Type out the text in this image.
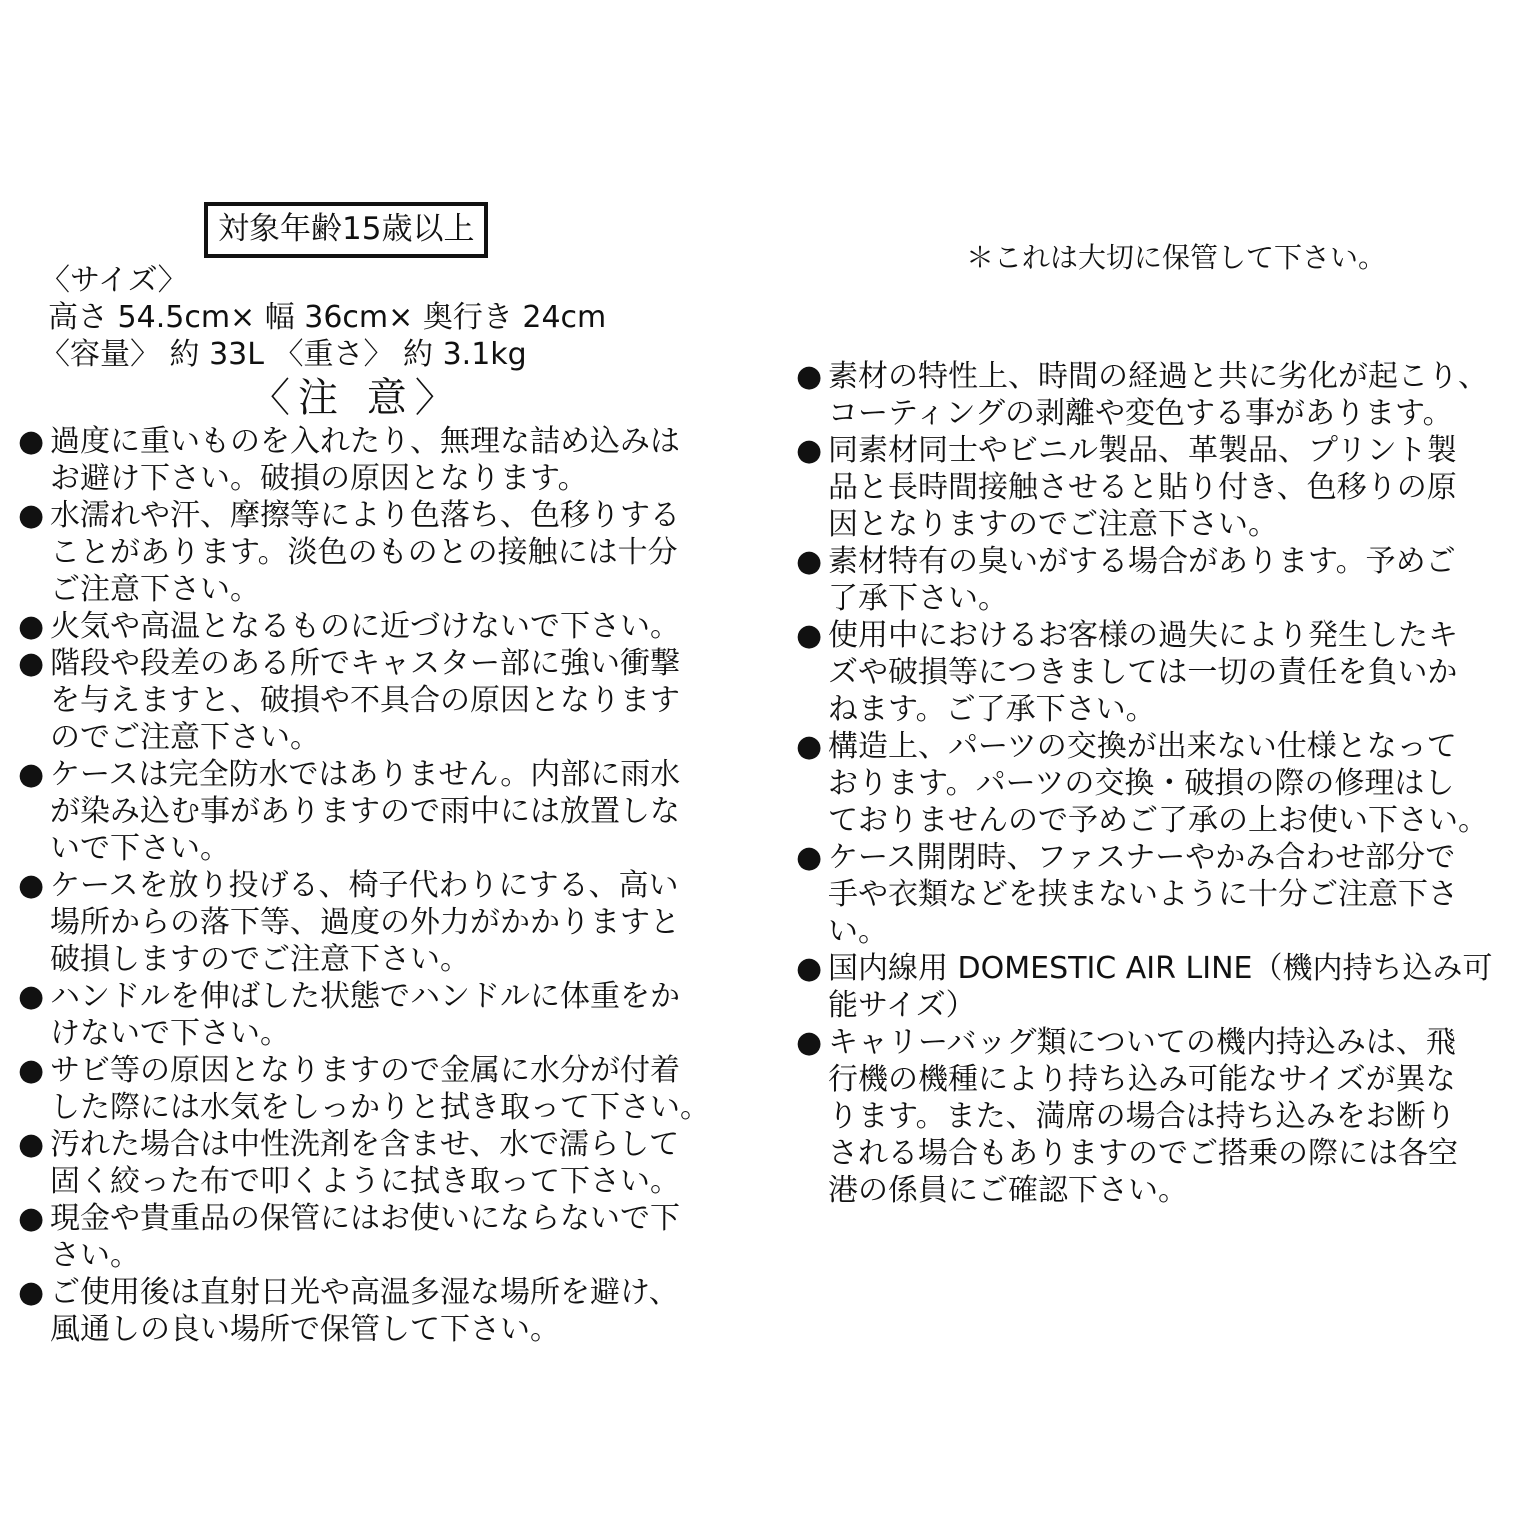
対象年齢15歳以上
〈サイズ〉
高さ 54.5cm× 幅 36cm× 奥行き 24cm
〈容量〉 約 33L 〈重さ〉 約 3.1kg
〈注 意〉
● 過度に重いものを入れたり、無理な詰め込みは
お避け下さい。破損の原因となります。
● 水濡れや汗、摩擦等により色落ち、色移りする
ことがあります。淡色のものとの接触には十分
ご注意下さい。
● 火気や高温となるものに近づけないで下さい。
● 階段や段差のある所でキャスター部に強い衝撃
を与えますと、破損や不具合の原因となります
のでご注意下さい。
● ケースは完全防水ではありません。内部に雨水
が染み込む事がありますので雨中には放置しな
いで下さい。
● ケースを放り投げる、椅子代わりにする、高い
場所からの落下等、過度の外力がかかりますと
破損しますのでご注意下さい。
● ハンドルを伸ばした状態でハンドルに体重をか
けないで下さい。
● サビ等の原因となりますので金属に水分が付着
した際には水気をしっかりと拭き取って下さい。
● 汚れた場合は中性洗剤を含ませ、水で濡らして
固く絞った布で叩くように拭き取って下さい。
● 現金や貴重品の保管にはお使いにならないで下
さい。
● ご使用後は直射日光や高温多湿な場所を避け、
風通しの良い場所で保管して下さい。
＊これは大切に保管して下さい。
● 素材の特性上、時間の経過と共に劣化が起こり、
コーティングの剥離や変色する事があります。
● 同素材同士やビニル製品、革製品、プリント製
品と長時間接触させると貼り付き、色移りの原
因となりますのでご注意下さい。
● 素材特有の臭いがする場合があります。予めご
了承下さい。
● 使用中におけるお客様の過失により発生したキ
ズや破損等につきましては一切の責任を負いか
ねます。ご了承下さい。
● 構造上、パーツの交換が出来ない仕様となって
おります。パーツの交換・破損の際の修理はし
ておりませんので予めご了承の上お使い下さい。
● ケース開閉時、ファスナーやかみ合わせ部分で
手や衣類などを挟まないように十分ご注意下さ
い。
● 国内線用 DOMESTIC AIR LINE（機内持ち込み可
能サイズ）
● キャリーバッグ類についての機内持込みは、飛
行機の機種により持ち込み可能なサイズが異な
ります。また、満席の場合は持ち込みをお断り
される場合もありますのでご搭乗の際には各空
港の係員にご確認下さい。
